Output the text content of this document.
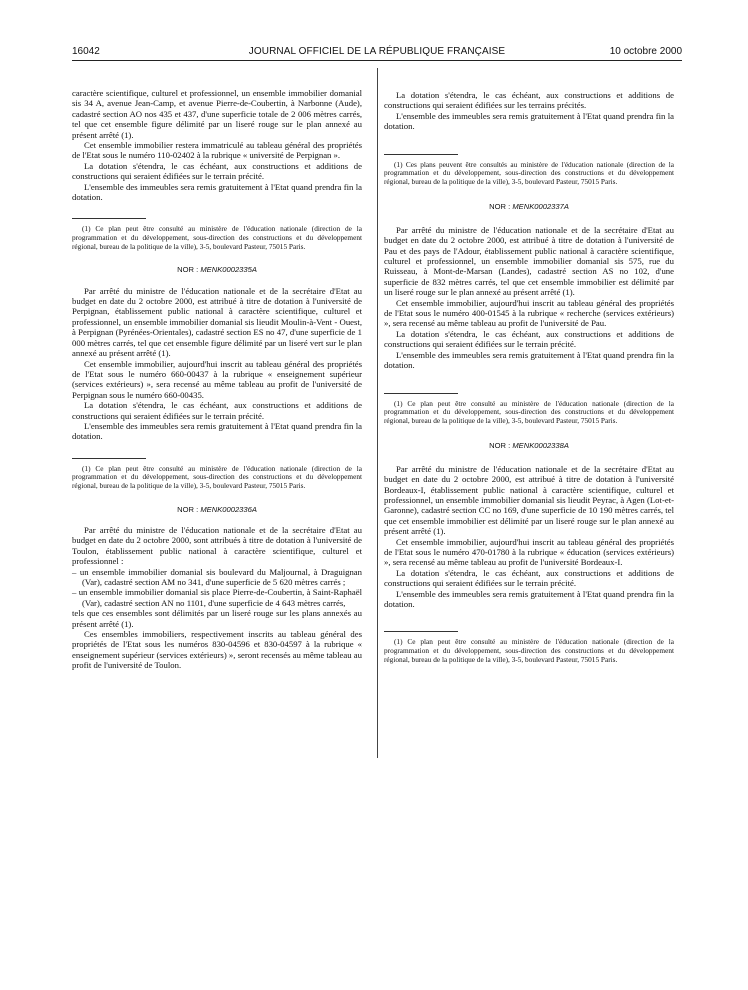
16042	JOURNAL OFFICIEL DE LA RÉPUBLIQUE FRANÇAISE	10 octobre 2000

caractère scientifique, culturel et professionnel, un ensemble immobilier domanial sis 34 A, avenue Jean-Camp, et avenue Pierre-de-Coubertin, à Narbonne (Aude), cadastré section AO nos 435 et 437, d'une superficie totale de 2 006 mètres carrés, tel que cet ensemble figure délimité par un liseré rouge sur le plan annexé au présent arrêté (1).

Cet ensemble immobilier restera immatriculé au tableau général des propriétés de l'Etat sous le numéro 110-02402 à la rubrique « université de Perpignan ».

La dotation s'étendra, le cas échéant, aux constructions et additions de constructions qui seraient édifiées sur le terrain précité.

L'ensemble des immeubles sera remis gratuitement à l'Etat quand prendra fin la dotation.

(1) Ce plan peut être consulté au ministère de l'éducation nationale (direction de la programmation et du développement, sous-direction des constructions et du développement régional, bureau de la politique de la ville), 3-5, boulevard Pasteur, 75015 Paris.

NOR : MENK0002335A

Par arrêté du ministre de l'éducation nationale et de la secrétaire d'Etat au budget en date du 2 octobre 2000, est attribué à titre de dotation à l'université de Perpignan, établissement public national à caractère scientifique, culturel et professionnel, un ensemble immobilier domanial sis lieudit Moulin-à-Vent - Ouest, à Perpignan (Pyrénées-Orientales), cadastré section ES no 47, d'une superficie de 1 000 mètres carrés, tel que cet ensemble figure délimité par un liseré vert sur le plan annexé au présent arrêté (1).

Cet ensemble immobilier, aujourd'hui inscrit au tableau général des propriétés de l'Etat sous le numéro 660-00437 à la rubrique « enseignement supérieur (services extérieurs) », sera recensé au même tableau au profit de l'université de Perpignan sous le numéro 660-00435.

La dotation s'étendra, le cas échéant, aux constructions et additions de constructions qui seraient édifiées sur le terrain précité.

L'ensemble des immeubles sera remis gratuitement à l'Etat quand prendra fin la dotation.

(1) Ce plan peut être consulté au ministère de l'éducation nationale (direction de la programmation et du développement, sous-direction des constructions et du développement régional, bureau de la politique de la ville), 3-5, boulevard Pasteur, 75015 Paris.

NOR : MENK0002336A

Par arrêté du ministre de l'éducation nationale et de la secrétaire d'Etat au budget en date du 2 octobre 2000, sont attribués à titre de dotation à l'université de Toulon, établissement public national à caractère scientifique, culturel et professionnel :

– un ensemble immobilier domanial sis boulevard du Maljournal, à Draguignan (Var), cadastré section AM no 341, d'une superficie de 5 620 mètres carrés ;
– un ensemble immobilier domanial sis place Pierre-de-Coubertin, à Saint-Raphaël (Var), cadastré section AN no 1101, d'une superficie de 4 643 mètres carrés,

tels que ces ensembles sont délimités par un liseré rouge sur les plans annexés au présent arrêté (1).

Ces ensembles immobiliers, respectivement inscrits au tableau général des propriétés de l'Etat sous les numéros 830-04596 et 830-04597 à la rubrique « enseignement supérieur (services extérieurs) », seront recensés au même tableau au profit de l'université de Toulon.

La dotation s'étendra, le cas échéant, aux constructions et additions de constructions qui seraient édifiées sur les terrains précités.

L'ensemble des immeubles sera remis gratuitement à l'Etat quand prendra fin la dotation.

(1) Ces plans peuvent être consultés au ministère de l'éducation nationale (direction de la programmation et du développement, sous-direction des constructions et du développement régional, bureau de la politique de la ville), 3-5, boulevard Pasteur, 75015 Paris.

NOR : MENK0002337A

Par arrêté du ministre de l'éducation nationale et de la secrétaire d'Etat au budget en date du 2 octobre 2000, est attribué à titre de dotation à l'université de Pau et des pays de l'Adour, établissement public national à caractère scientifique, culturel et professionnel, un ensemble immobilier domanial sis 575, rue du Ruisseau, à Mont-de-Marsan (Landes), cadastré section AS no 102, d'une superficie de 832 mètres carrés, tel que cet ensemble immobilier est délimité par un liseré rouge sur le plan annexé au présent arrêté (1).

Cet ensemble immobilier, aujourd'hui inscrit au tableau général des propriétés de l'Etat sous le numéro 400-01545 à la rubrique « recherche (services extérieurs) », sera recensé au même tableau au profit de l'université de Pau.

La dotation s'étendra, le cas échéant, aux constructions et additions de constructions qui seraient édifiées sur le terrain précité.

L'ensemble des immeubles sera remis gratuitement à l'Etat quand prendra fin la dotation.

(1) Ce plan peut être consulté au ministère de l'éducation nationale (direction de la programmation et du développement, sous-direction des constructions et du développement régional, bureau de la politique de la ville), 3-5, boulevard Pasteur, 75015 Paris.

NOR : MENK0002338A

Par arrêté du ministre de l'éducation nationale et de la secrétaire d'Etat au budget en date du 2 octobre 2000, est attribué à titre de dotation à l'université Bordeaux-I, établissement public national à caractère scientifique, culturel et professionnel, un ensemble immobilier domanial sis lieudit Peyrac, à Agen (Lot-et-Garonne), cadastré section CC no 169, d'une superficie de 10 190 mètres carrés, tel que cet ensemble immobilier est délimité par un liseré rouge sur le plan annexé au présent arrêté (1).

Cet ensemble immobilier, aujourd'hui inscrit au tableau général des propriétés de l'Etat sous le numéro 470-01780 à la rubrique « éducation (services extérieurs) », sera recensé au même tableau au profit de l'université Bordeaux-I.

La dotation s'étendra, le cas échéant, aux constructions et additions de constructions qui seraient édifiées sur le terrain précité.

L'ensemble des immeubles sera remis gratuitement à l'Etat quand prendra fin la dotation.

(1) Ce plan peut être consulté au ministère de l'éducation nationale (direction de la programmation et du développement, sous-direction des constructions et du développement régional, bureau de la politique de la ville), 3-5, boulevard Pasteur, 75015 Paris.
